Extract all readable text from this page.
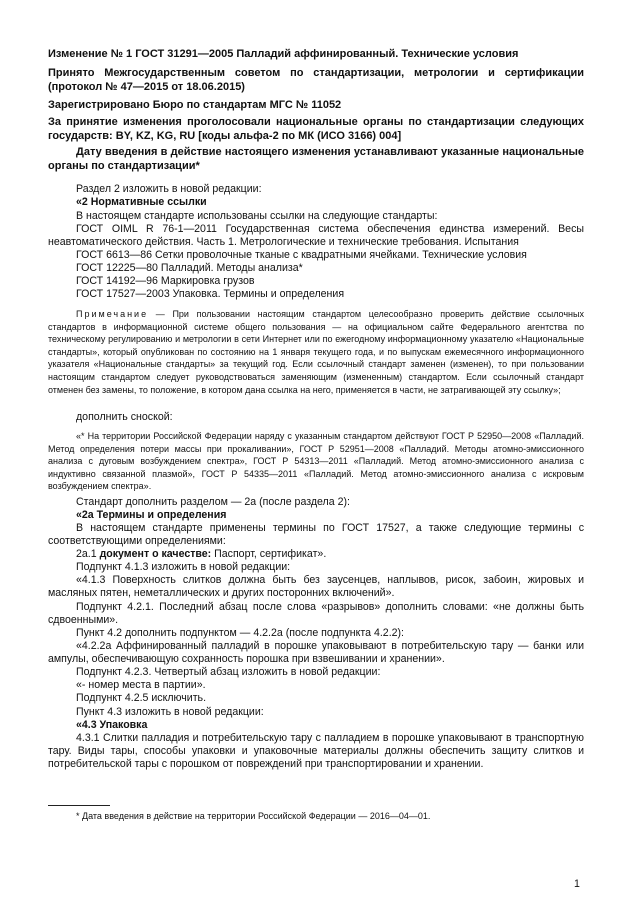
Изменение № 1 ГОСТ 31291—2005 Палладий аффинированный. Технические условия
Принято Межгосударственным советом по стандартизации, метрологии и сертификации (протокол № 47—2015 от 18.06.2015)
Зарегистрировано Бюро по стандартам МГС № 11052
За принятие изменения проголосовали национальные органы по стандартизации следующих государств: BY, KZ, KG, RU [коды альфа-2 по МК (ИСО 3166) 004]
Дату введения в действие настоящего изменения устанавливают указанные национальные органы по стандартизации*
Раздел 2 изложить в новой редакции:
«2 Нормативные ссылки
В настоящем стандарте использованы ссылки на следующие стандарты:
ГОСТ OIML R 76-1—2011 Государственная система обеспечения единства измерений. Весы неавтоматического действия. Часть 1. Метрологические и технические требования. Испытания
ГОСТ 6613—86 Сетки проволочные тканые с квадратными ячейками. Технические условия
ГОСТ 12225—80 Палладий. Методы анализа*
ГОСТ 14192—96 Маркировка грузов
ГОСТ 17527—2003 Упаковка. Термины и определения
Примечание — При пользовании настоящим стандартом целесообразно проверить действие ссылочных стандартов в информационной системе общего пользования — на официальном сайте Федерального агентства по техническому регулированию и метрологии в сети Интернет или по ежегодному информационному указателю «Национальные стандарты», который опубликован по состоянию на 1 января текущего года, и по выпускам ежемесячного информационного указателя «Национальные стандарты» за текущий год. Если ссылочный стандарт заменен (изменен), то при пользовании настоящим стандартом следует руководствоваться заменяющим (измененным) стандартом. Если ссылочный стандарт отменен без замены, то положение, в котором дана ссылка на него, применяется в части, не затрагивающей эту ссылку»;
дополнить сноской:
«* На территории Российской Федерации наряду с указанным стандартом действуют ГОСТ Р 52950—2008 «Палладий. Метод определения потери массы при прокаливании», ГОСТ Р 52951—2008 «Палладий. Методы атомно-эмиссионного анализа с дуговым возбуждением спектра», ГОСТ Р 54313—2011 «Палладий. Метод атомно-эмиссионного анализа с индуктивно связанной плазмой», ГОСТ Р 54335—2011 «Палладий. Метод атомно-эмиссионного анализа с искровым возбуждением спектра».
Стандарт дополнить разделом — 2а (после раздела 2):
«2а Термины и определения
В настоящем стандарте применены термины по ГОСТ 17527, а также следующие термины с соответствующими определениями:
2а.1 документ о качестве: Паспорт, сертификат».
Подпункт 4.1.3 изложить в новой редакции:
«4.1.3 Поверхность слитков должна быть без заусенцев, наплывов, рисок, забоин, жировых и масляных пятен, неметаллических и других посторонних включений».
Подпункт 4.2.1. Последний абзац после слова «разрывов» дополнить словами: «не должны быть сдвоенными».
Пункт 4.2 дополнить подпунктом — 4.2.2а (после подпункта 4.2.2):
«4.2.2а Аффинированный палладий в порошке упаковывают в потребительскую тару — банки или ампулы, обеспечивающую сохранность порошка при взвешивании и хранении».
Подпункт 4.2.3. Четвертый абзац изложить в новой редакции:
«- номер места в партии».
Подпункт 4.2.5 исключить.
Пункт 4.3 изложить в новой редакции:
«4.3 Упаковка
4.3.1 Слитки палладия и потребительскую тару с палладием в порошке упаковывают в транспортную тару. Виды тары, способы упаковки и упаковочные материалы должны обеспечить защиту слитков и потребительской тары с порошком от повреждений при транспортировании и хранении.
* Дата введения в действие на территории Российской Федерации — 2016—04—01.
1
